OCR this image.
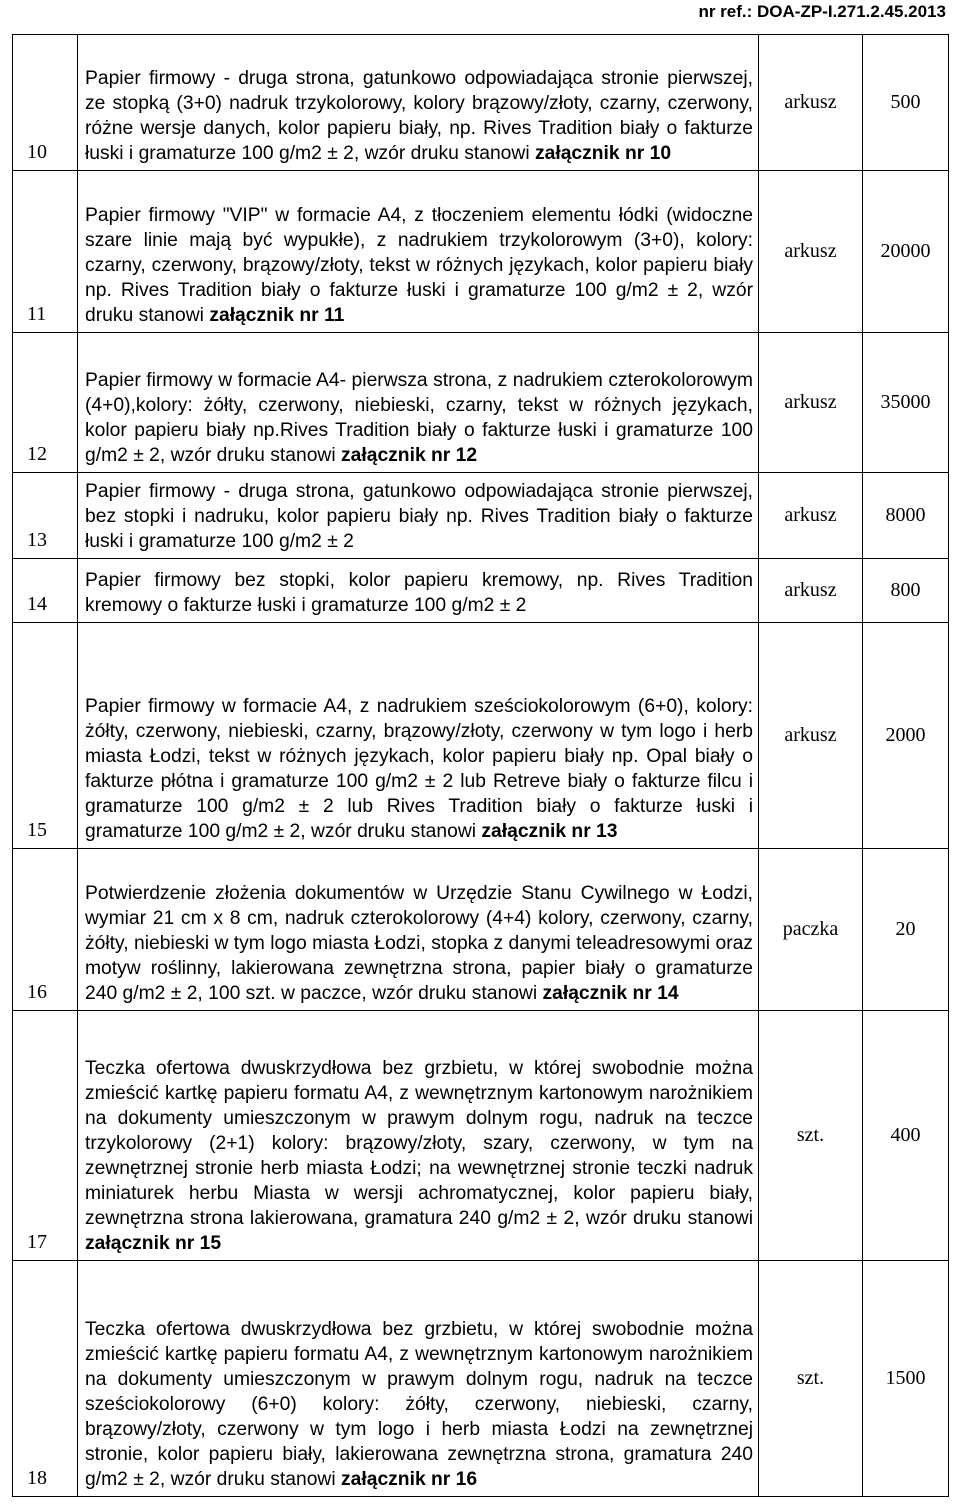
nr ref.: DOA-ZP-I.271.2.45.2013
10	Papier firmowy - druga strona, gatunkowo odpowiadająca stronie pierwszej, ze stopką (3+0) nadruk trzykolorowy, kolory brązowy/złoty, czarny, czerwony, różne wersje danych, kolor papieru biały, np. Rives Tradition biały o fakturze łuski i gramaturze 100 g/m2 ± 2, wzór druku stanowi załącznik nr 10	arkusz	500
11	Papier firmowy "VIP" w formacie A4, z tłoczeniem elementu łódki (widoczne szare linie mają być wypukłe), z nadrukiem trzykolorowym (3+0), kolory: czarny, czerwony, brązowy/złoty, tekst w różnych językach, kolor papieru biały np. Rives Tradition biały o fakturze łuski i gramaturze 100 g/m2 ± 2, wzór druku stanowi załącznik nr 11	arkusz	20000
12	Papier firmowy w formacie A4- pierwsza strona, z nadrukiem czterokolorowym (4+0),kolory: żółty, czerwony, niebieski, czarny, tekst w różnych językach, kolor papieru biały np.Rives Tradition biały o fakturze łuski i gramaturze 100 g/m2 ± 2, wzór druku stanowi załącznik nr 12	arkusz	35000
13	Papier firmowy - druga strona, gatunkowo odpowiadająca stronie pierwszej, bez stopki i nadruku, kolor papieru biały np. Rives Tradition biały o fakturze łuski i gramaturze 100 g/m2 ± 2	arkusz	8000
14	Papier firmowy bez stopki, kolor papieru kremowy, np. Rives Tradition kremowy o fakturze łuski i gramaturze 100 g/m2 ± 2	arkusz	800
15	Papier firmowy w formacie A4, z nadrukiem sześciokolorowym (6+0), kolory: żółty, czerwony, niebieski, czarny, brązowy/złoty, czerwony w tym logo i herb miasta Łodzi, tekst w różnych językach, kolor papieru biały np. Opal biały o fakturze płótna i gramaturze 100 g/m2 ± 2 lub Retreve biały o fakturze filcu i gramaturze 100 g/m2 ± 2 lub Rives Tradition biały o fakturze łuski i gramaturze 100 g/m2 ± 2, wzór druku stanowi załącznik nr 13	arkusz	2000
16	Potwierdzenie złożenia dokumentów w Urzędzie Stanu Cywilnego w Łodzi, wymiar 21 cm x 8 cm, nadruk czterokolorowy (4+4) kolory, czerwony, czarny, żółty, niebieski w tym logo miasta Łodzi, stopka z danymi teleadresowymi oraz motyw roślinny, lakierowana zewnętrzna strona, papier biały o gramaturze 240 g/m2 ± 2, 100 szt. w paczce, wzór druku stanowi załącznik nr 14	paczka	20
17	Teczka ofertowa dwuskrzydłowa bez grzbietu, w której swobodnie można zmieścić kartkę papieru formatu A4, z wewnętrznym kartonowym narożnikiem na dokumenty umieszczonym w prawym dolnym rogu, nadruk na teczce trzykolorowy (2+1) kolory: brązowy/złoty, szary, czerwony, w tym na zewnętrznej stronie herb miasta Łodzi; na wewnętrznej stronie teczki nadruk miniaturek herbu Miasta w wersji achromatycznej, kolor papieru biały, zewnętrzna strona lakierowana, gramatura 240 g/m2 ± 2, wzór druku stanowi załącznik nr 15	szt.	400
18	Teczka ofertowa dwuskrzydłowa bez grzbietu, w której swobodnie można zmieścić kartkę papieru formatu A4, z wewnętrznym kartonowym narożnikiem na dokumenty umieszczonym w prawym dolnym rogu, nadruk na teczce sześciokolorowy (6+0) kolory: żółty, czerwony, niebieski, czarny, brązowy/złoty, czerwony w tym logo i herb miasta Łodzi na zewnętrznej stronie, kolor papieru biały, lakierowana zewnętrzna strona, gramatura 240 g/m2 ± 2, wzór druku stanowi załącznik nr 16	szt.	1500
